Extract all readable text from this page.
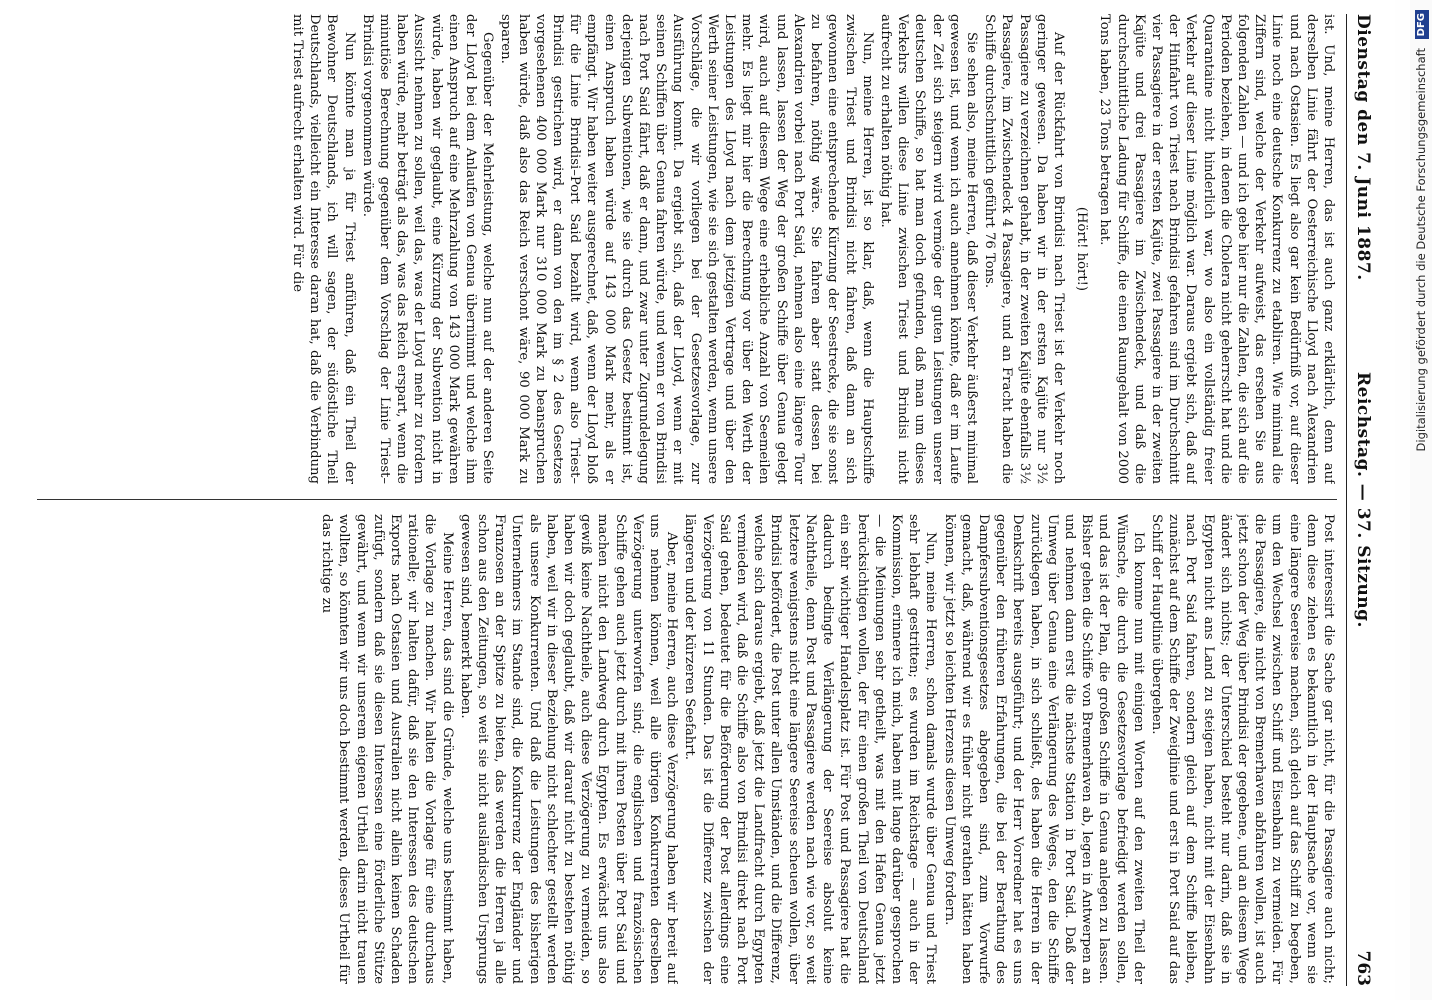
Dienstag den 7. Juni 1887.
Reichstag. — 37. Sitzung.
763

ist. Und, meine Herren, das ist auch ganz erklärlich, denn auf derselben Linie fährt der Oesterreichische Lloyd nach Alexandrien und nach Ostasien. Es liegt also gar kein Bedürfniß vor, auf dieser Linie noch eine deutsche Konkurrenz zu etabliren. Wie minimal die Ziffern sind, welche der Verkehr aufweist, das ersehen Sie aus folgenden Zahlen — und ich gebe hier nur die Zahlen, die sich auf die Perioden beziehen, in denen die Cholera nicht geherrscht hat und die Quarantaine nicht hinderlich war, wo also ein vollständig freier Verkehr auf dieser Linie möglich war. Daraus ergiebt sich, daß auf der Hinfahrt von Triest nach Brindisi gefahren sind im Durchschnitt vier Passagiere in der ersten Kajüte, zwei Passagiere in der zweiten Kajüte und drei Passagiere im Zwischendeck, und daß die durchschnittliche Ladung für Schiffe, die einen Raumgehalt von 2000 Tons haben, 23 Tons betragen hat.

(Hört! hört!)

Auf der Rückfahrt von Brindisi nach Triest ist der Verkehr noch geringer gewesen. Da haben wir in der ersten Kajüte nur 3½ Passagiere zu verzeichnen gehabt, in der zweiten Kajüte ebenfalls 3½ Passagiere, im Zwischendeck 4 Passagiere, und an Fracht haben die Schiffe durchschnittlich geführt 76 Tons.

Sie sehen also, meine Herren, daß dieser Verkehr äußerst minimal gewesen ist, und wenn ich auch annehmen könnte, daß er im Laufe der Zeit sich steigern wird vermöge der guten Leistungen unserer deutschen Schiffe, so hat man doch gefunden, daß man um dieses Verkehrs willen diese Linie zwischen Triest und Brindisi nicht aufrecht zu erhalten nöthig hat.

Nun, meine Herren, ist so klar, daß, wenn die Hauptschiffe zwischen Triest und Brindisi nicht fahren, daß dann an sich gewonnen eine entsprechende Kürzung der Seestrecke, die sie sonst zu befahren, nöthig wäre. Sie fahren aber statt dessen bei Alexandrien vorbei nach Port Said, nehmen also eine längere Tour und lassen, lassen der Weg der großen Schiffe über Genua gelegt wird, auch auf diesem Wege eine erhebliche Anzahl von Seemeilen mehr. Es liegt mir hier die Berechnung vor über den Werth der Leistungen des Lloyd nach dem jetzigen Vertrage und über den Werth seiner Leistungen, wie sie sich gestalten werden, wenn unsere Vorschläge, die wir vorliegen bei der Gesetzesvorlage, zur Ausführung kommt. Da ergiebt sich, daß der Lloyd, wenn er mit seinen Schiffen über Genua fahren würde, und wenn er von Brindisi nach Port Said fährt, daß er dann, und zwar unter Zugrundelegung derjenigen Subventionen, wie sie durch das Gesetz bestimmt ist, einen Anspruch haben würde auf 143 000 Mark mehr, als er empfängt. Wir haben weiter ausgerechnet, daß, wenn der Lloyd bloß für die Linie Brindisi–Port Said bezahlt wird, wenn also Triest–Brindisi gestrichen wird, er dann von den im § 2 des Gesetzes vorgesehenen 400 000 Mark nur 310 000 Mark zu beanspruchen haben würde, daß also das Reich verschont wäre, 90 000 Mark zu sparen.

Gegenüber der Mehrleistung, welche nun auf der anderen Seite der Lloyd bei dem Anlaufen von Genua übernimmt und welche ihm einen Anspruch auf eine Mehrzahlung von 143 000 Mark gewähren würde, haben wir geglaubt, eine Kürzung der Subvention nicht in Aussicht nehmen zu sollen, weil das, was der Lloyd mehr zu fordern haben würde, mehr beträgt als das, was das Reich erspart, wenn die minutiöse Berechnung gegenüber dem Vorschlag der Linie Triest–Brindisi vorgenommen würde.

Nun könnte man ja für Triest anführen, daß ein Theil der Bewohner Deutschlands, ich will sagen, der südöstliche Theil Deutschlands, vielleicht ein Interesse daran hat, daß die Verbindung mit Triest aufrecht erhalten wird. Für die

Post interessirt die Sache gar nicht, für die Passagiere auch nicht; denn diese ziehen es bekanntlich in der Hauptsache vor, wenn sie eine längere Seereise machen, sich gleich auf das Schiff zu begeben, um den Wechsel zwischen Schiff und Eisenbahn zu vermeiden. Für die Passagiere, die nicht von Bremerhaven abfahren wollen, ist auch jetzt schon der Weg über Brindisi der gegebene, und an diesem Wege ändert sich nichts; der Unterschied besteht nur darin, daß sie in Egypten nicht ans Land zu steigen haben, nicht mit der Eisenbahn nach Port Said fahren, sondern gleich auf dem Schiffe bleiben, zunächst auf dem Schiffe der Zweiglinie und erst in Port Said auf das Schiff der Hauptlinie übergehen.

Ich komme nun mit einigen Worten auf den zweiten Theil der Wünsche, die durch die Gesetzesvorlage befriedigt werden sollen, und das ist der Plan, die großen Schiffe in Genua anlegen zu lassen. Bisher gehen die Schiffe von Bremerhaven ab, legen in Antwerpen an und nehmen dann erst die nächste Station in Port Said. Daß der Umweg über Genua eine Verlängerung des Weges, den die Schiffe zurücklegen haben, in sich schließt, des haben die Herren in der Denkschrift bereits ausgeführt; und der Herr Vorredner hat es uns gegenüber den früheren Erfahrungen, die bei der Berathung des Dampfersubventionsgesetzes abgegeben sind, zum Vorwurfe gemacht, daß, während wir es früher nicht gerathen hätten haben können, wir jetzt so leichten Herzens diesen Umweg fordern.

Nun, meine Herren, schon damals wurde über Genua und Triest sehr lebhaft gestritten; es wurden im Reichstage — auch in der Kommission, erinnere ich mich, haben mit lange darüber gesprochen — die Meinungen sehr getheilt, was mit den Hafen Genua jetzt berücksichtigen wollen, der für einen großen Theil von Deutschland ein sehr wichtiger Handelsplatz ist. Für Post und Passagiere hat die dadurch bedingte Verlängerung der Seereise absolut keine Nachtheile, denn Post und Passagiere werden nach wie vor, so weit letztere wenigstens nicht eine längere Seereise scheuen wollen, über Brindisi befördert, die Post unter allen Umständen, und die Differenz, welche sich daraus ergiebt, daß jetzt die Landfracht durch Egypten vermieden wird, daß die Schiffe also von Brindisi direkt nach Port Said gehen, bedeutet für die Beförderung der Post allerdings eine Verzögerung von 11 Stunden. Das ist die Differenz zwischen der längeren und der kürzeren Seefahrt.

Aber, meine Herren, auch diese Verzögerung haben wir bereit auf uns nehmen können, weil alle übrigen Konkurrenten derselben Verzögerung unterworfen sind; die englischen und französischen Schiffe gehen auch jetzt durch mit ihren Posten über Port Said und machen nicht den Landweg durch Egypten. Es erwächst uns also gewiß keine Nachtheile, auch diese Verzögerung zu vermeiden, so haben wir doch geglaubt, daß wir darauf nicht zu bestehen nöthig haben, weil wir in dieser Beziehung nicht schlechter gestellt werden als unsere Konkurrenten. Und daß die Leistungen des bisherigen Unternehmers im Stande sind, die Konkurrenz der Engländer und Franzosen an der Spitze zu bieten, das werden die Herren ja alle schon aus den Zeitungen, so weit sie nicht ausländischen Ursprungs gewesen sind, bemerkt haben.

Meine Herren, das sind die Gründe, welche uns bestimmt haben, die Vorlage zu machen. Wir halten die Vorlage für eine durchaus rationelle; wir halten dafür, daß sie den Interessen des deutschen Exports nach Ostasien und Australien nicht allein keinen Schaden zufügt, sondern daß sie diesen Interessen eine förderliche Stütze gewährt, und wenn wir unserem eigenen Urtheil darin nicht trauen wollten, so könnten wir uns doch bestimmt werden, dieses Urtheil für das richtige zu

Digitalisierung gefördert durch die Deutsche Forschungsgemeinschaft DFG
